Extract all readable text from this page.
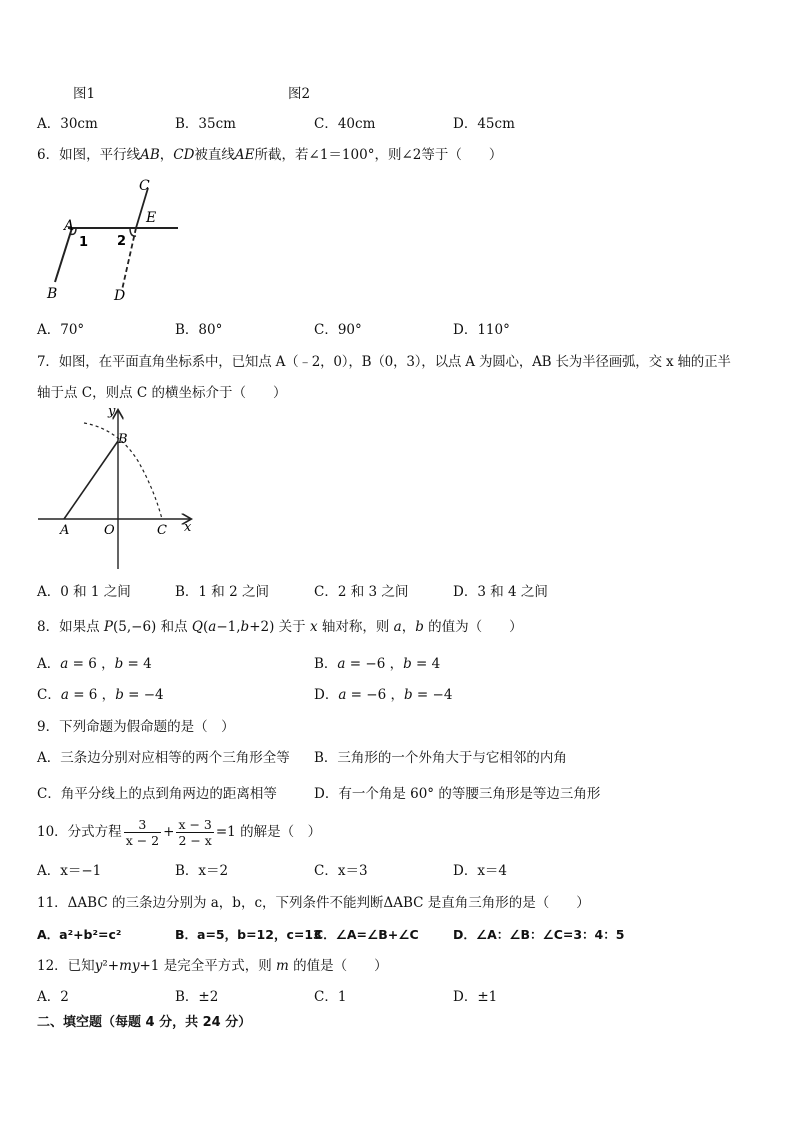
图1	图2
A．30cm	B．35cm	C．40cm	D．45cm
6．如图，平行线AB，CD被直线AE所截，若∠1＝100°，则∠2等于（　　）
A
B
C
D
E
1 2
A．70°	B．80°	C．90°	D．110°
7．如图，在平面直角坐标系中，已知点 A（﹣2，0），B（0，3），以点 A 为圆心，AB 长为半径画弧，交 x 轴的正半
轴于点 C，则点 C 的横坐标介于（　　）
y
x
A	O
B
C
A．0 和 1 之间	B．1 和 2 之间	C．2 和 3 之间	D．3 和 4 之间
8．如果点 P(5,−6) 和点 Q(a−1,b+2) 关于 x 轴对称，则 a，b 的值为（　　）
A．a = 6 ，b = 4	B．a = −6 ，b = 4
C．a = 6 ，b = −4	D．a = −6 ，b = −4
9．下列命题为假命题的是（　）
A．三条边分别对应相等的两个三角形全等 B．三角形的一个外角大于与它相邻的内角
C．角平分线上的点到角两边的距离相等	D．有一个角是 60° 的等腰三角形是等边三角形
10．分式方程 $\frac{3}{x - 2} + \frac{x - 3}{2 - x} =1$ 的解是（　）
A．x＝−1	B．x＝2	C．x＝3	D．x＝4
11．ΔABC 的三条边分别为 a，b，c，下列条件不能判断ΔABC 是直角三角形的是（　　）
A．a²+b²=c²	B．a=5，b=12，c=13
C．∠A=∠B+∠C	D．∠A：∠B：∠C=3：4：5
12．已知y²+my+1 是完全平方式，则 m 的值是（　　）
A．2	B．±2	C．1	D．±1
二、填空题（每题 4 分，共 24 分）
